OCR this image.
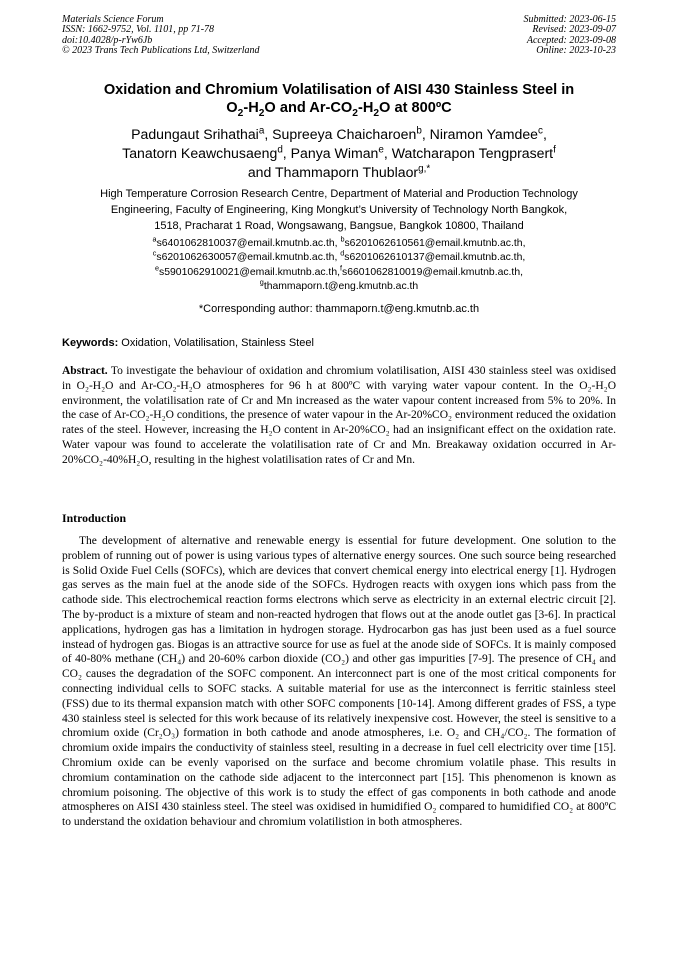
Materials Science Forum
ISSN: 1662-9752, Vol. 1101, pp 71-78
doi:10.4028/p-rYw6Jb
© 2023 Trans Tech Publications Ltd, Switzerland
Submitted: 2023-06-15
Revised: 2023-09-07
Accepted: 2023-09-08
Online: 2023-10-23
Oxidation and Chromium Volatilisation of AISI 430 Stainless Steel in
$O_2-H_2O$ and $Ar-CO_2-H_2O$ at 800ºC
Padungaut Srihathai$^a$, Supreeya Chaicharoen$^b$, Niramon Yamdee$^c$,
Tanatorn Keawchusaeng$^d$, Panya Wiman$^e$, Watcharapon Tengprasert$^f$
and Thammaporn Thublaor$^{g,*}$
High Temperature Corrosion Research Centre, Department of Material and Production Technology
Engineering, Faculty of Engineering, King Mongkut’s University of Technology North Bangkok,
1518, Pracharat 1 Road, Wongsawang, Bangsue, Bangkok 10800, Thailand
$^a$s6401062810037@email.kmutnb.ac.th, $^b$s6201062610561@email.kmutnb.ac.th,
$^c$s6201062630057@email.kmutnb.ac.th, $^d$s6201062610137@email.kmutnb.ac.th,
$^e$s5901062910021@email.kmutnb.ac.th,$^f$s6601062810019@email.kmutnb.ac.th,
$^g$thammaporn.t@eng.kmutnb.ac.th
*Corresponding author: thammaporn.t@eng.kmutnb.ac.th
Keywords: Oxidation, Volatilisation, Stainless Steel
Abstract. To investigate the behaviour of oxidation and chromium volatilisation, AISI 430 stainless steel was oxidised in O₂-H₂O and Ar-CO₂-H₂O atmospheres for 96 h at 800ºC with varying water vapour content. In the O₂-H₂O environment, the volatilisation rate of Cr and Mn increased as the water vapour content increased from 5% to 20%. In the case of Ar-CO₂-H₂O conditions, the presence of water vapour in the Ar-20%CO₂ environment reduced the oxidation rates of the steel. However, increasing the H₂O content in Ar-20%CO₂ had an insignificant effect on the oxidation rate. Water vapour was found to accelerate the volatilisation rate of Cr and Mn. Breakaway oxidation occurred in Ar-20%CO₂-40%H₂O, resulting in the highest volatilisation rates of Cr and Mn.
Introduction
The development of alternative and renewable energy is essential for future development. One solution to the problem of running out of power is using various types of alternative energy sources. One such source being researched is Solid Oxide Fuel Cells (SOFCs), which are devices that convert chemical energy into electrical energy [1]. Hydrogen gas serves as the main fuel at the anode side of the SOFCs. Hydrogen reacts with oxygen ions which pass from the cathode side. This electrochemical reaction forms electrons which serve as electricity in an external electric circuit [2]. The by-product is a mixture of steam and non-reacted hydrogen that flows out at the anode outlet gas [3-6]. In practical applications, hydrogen gas has a limitation in hydrogen storage. Hydrocarbon gas has just been used as a fuel source instead of hydrogen gas. Biogas is an attractive source for use as fuel at the anode side of SOFCs. It is mainly composed of 40-80% methane (CH₄) and 20-60% carbon dioxide (CO₂) and other gas impurities [7-9]. The presence of CH₄ and CO₂ causes the degradation of the SOFC component. An interconnect part is one of the most critical components for connecting individual cells to SOFC stacks. A suitable material for use as the interconnect is ferritic stainless steel (FSS) due to its thermal expansion match with other SOFC components [10-14]. Among different grades of FSS, a type 430 stainless steel is selected for this work because of its relatively inexpensive cost. However, the steel is sensitive to a chromium oxide (Cr₂O₃) formation in both cathode and anode atmospheres, i.e. O₂ and CH₄/CO₂. The formation of chromium oxide impairs the conductivity of stainless steel, resulting in a decrease in fuel cell electricity over time [15]. Chromium oxide can be evenly vaporised on the surface and become chromium volatile phase. This results in chromium contamination on the cathode side adjacent to the interconnect part [15]. This phenomenon is known as chromium poisoning. The objective of this work is to study the effect of gas components in both cathode and anode atmospheres on AISI 430 stainless steel. The steel was oxidised in humidified O₂ compared to humidified CO₂ at 800ºC to understand the oxidation behaviour and chromium volatilistion in both atmospheres.
